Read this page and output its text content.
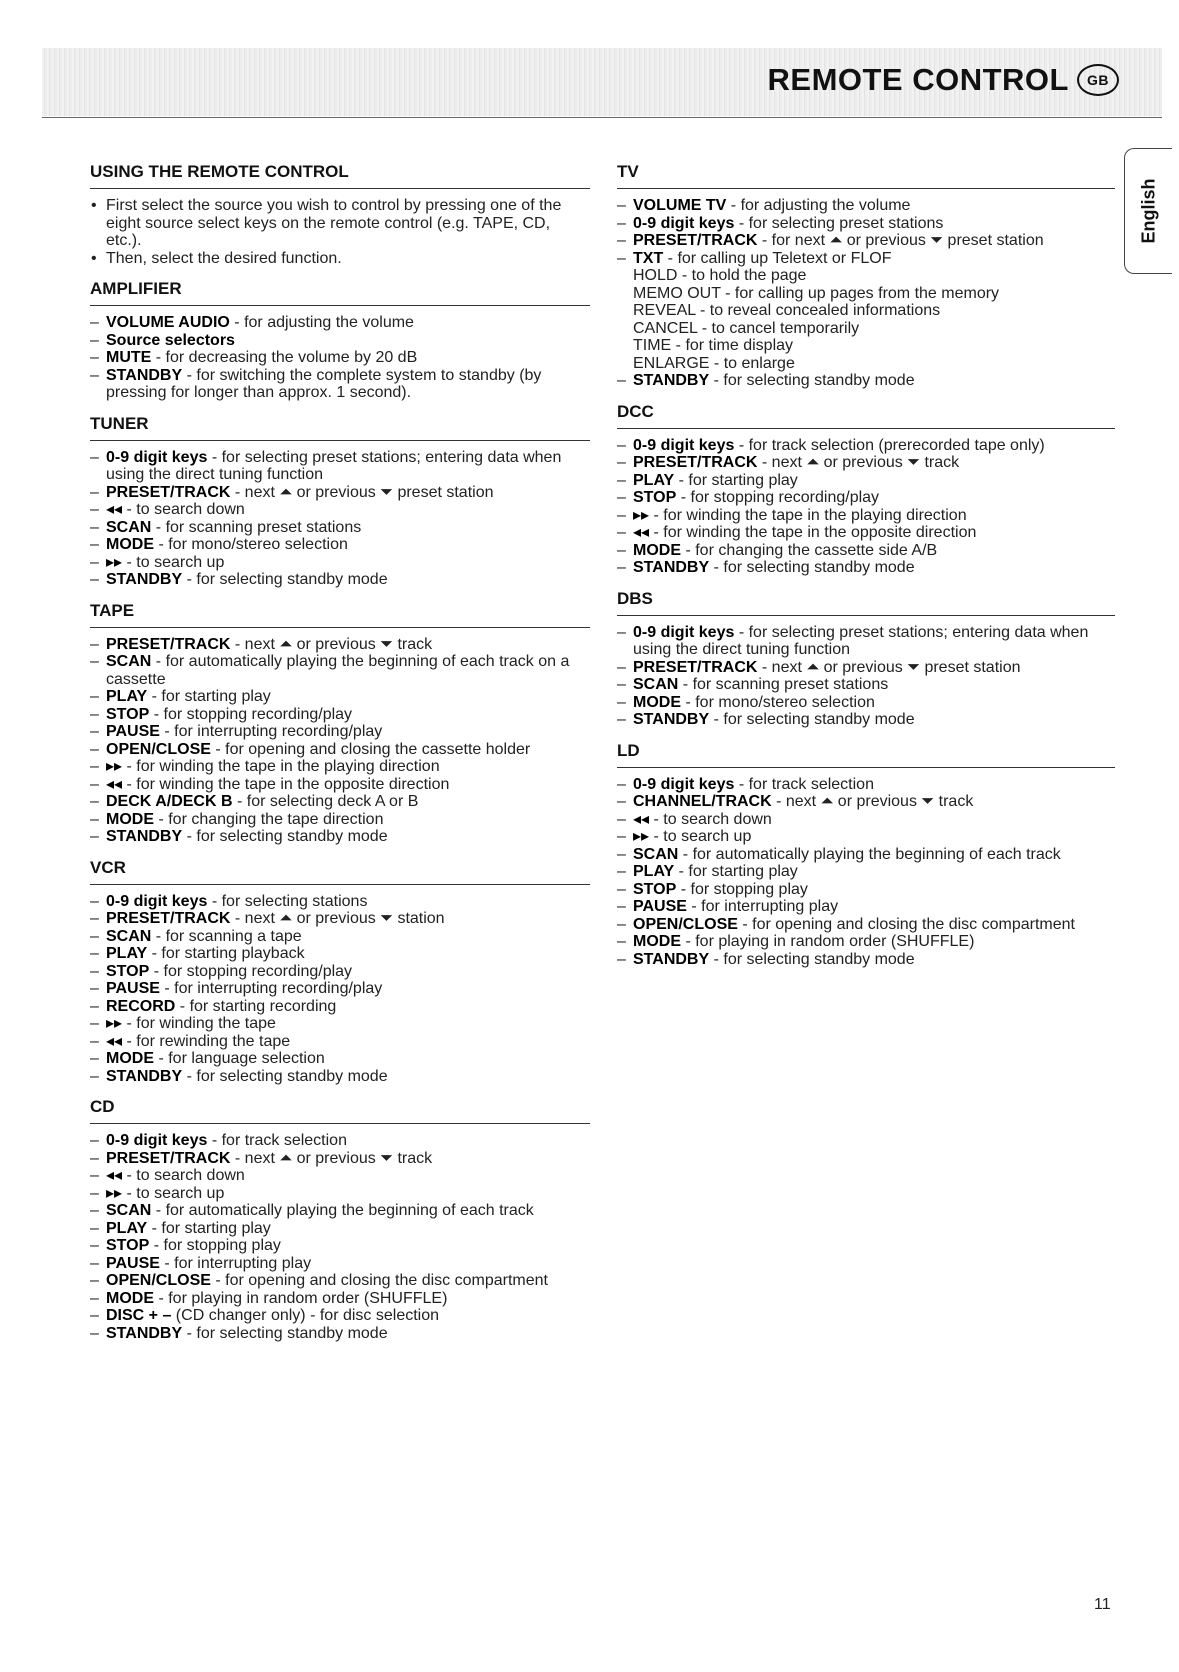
REMOTE CONTROL	GB
English
USING THE REMOTE CONTROL
• First select the source you wish to control by pressing one of the eight source select keys on the remote control (e.g. TAPE, CD, etc.).
• Then, select the desired function.
AMPLIFIER
– VOLUME AUDIO - for adjusting the volume
– Source selectors
– MUTE - for decreasing the volume by 20 dB
– STANDBY - for switching the complete system to standby (by pressing for longer than approx. 1 second).
TUNER
– 0-9 digit keys - for selecting preset stations; entering data when using the direct tuning function
– PRESET/TRACK - next ⏶ or previous ⏷ preset station
– ◂◂ - to search down
– SCAN - for scanning preset stations
– MODE - for mono/stereo selection
– ▸▸ - to search up
– STANDBY - for selecting standby mode
TAPE
– PRESET/TRACK - next ⏶ or previous ⏷ track
– SCAN - for automatically playing the beginning of each track on a cassette
– PLAY - for starting play
– STOP - for stopping recording/play
– PAUSE - for interrupting recording/play
– OPEN/CLOSE - for opening and closing the cassette holder
– ▸▸ - for winding the tape in the playing direction
– ◂◂ - for winding the tape in the opposite direction
– DECK A/DECK B - for selecting deck A or B
– MODE - for changing the tape direction
– STANDBY - for selecting standby mode
VCR
– 0-9 digit keys - for selecting stations
– PRESET/TRACK - next ⏶ or previous ⏷ station
– SCAN - for scanning a tape
– PLAY - for starting playback
– STOP - for stopping recording/play
– PAUSE - for interrupting recording/play
– RECORD - for starting recording
– ▸▸ - for winding the tape
– ◂◂ - for rewinding the tape
– MODE - for language selection
– STANDBY - for selecting standby mode
CD
– 0-9 digit keys - for track selection
– PRESET/TRACK - next ⏶ or previous ⏷ track
– ◂◂ - to search down
– ▸▸ - to search up
– SCAN - for automatically playing the beginning of each track
– PLAY - for starting play
– STOP - for stopping play
– PAUSE - for interrupting play
– OPEN/CLOSE - for opening and closing the disc compartment
– MODE - for playing in random order (SHUFFLE)
– DISC + – (CD changer only) - for disc selection
– STANDBY - for selecting standby mode
TV
– VOLUME TV - for adjusting the volume
– 0-9 digit keys - for selecting preset stations
– PRESET/TRACK - for next ⏶ or previous ⏷ preset station
– TXT - for calling up Teletext or FLOF
HOLD - to hold the page
MEMO OUT - for calling up pages from the memory
REVEAL - to reveal concealed informations
CANCEL - to cancel temporarily
TIME - for time display
ENLARGE - to enlarge
– STANDBY - for selecting standby mode
DCC
– 0-9 digit keys - for track selection (prerecorded tape only)
– PRESET/TRACK - next ⏶ or previous ⏷ track
– PLAY - for starting play
– STOP - for stopping recording/play
– ▸▸ - for winding the tape in the playing direction
– ◂◂ - for winding the tape in the opposite direction
– MODE - for changing the cassette side A/B
– STANDBY - for selecting standby mode
DBS
– 0-9 digit keys - for selecting preset stations; entering data when using the direct tuning function
– PRESET/TRACK - next ⏶ or previous ⏷ preset station
– SCAN - for scanning preset stations
– MODE - for mono/stereo selection
– STANDBY - for selecting standby mode
LD
– 0-9 digit keys - for track selection
– CHANNEL/TRACK - next ⏶ or previous ⏷ track
– ◂◂ - to search down
– ▸▸ - to search up
– SCAN - for automatically playing the beginning of each track
– PLAY - for starting play
– STOP - for stopping play
– PAUSE - for interrupting play
– OPEN/CLOSE - for opening and closing the disc compartment
– MODE - for playing in random order (SHUFFLE)
– STANDBY - for selecting standby mode
11
